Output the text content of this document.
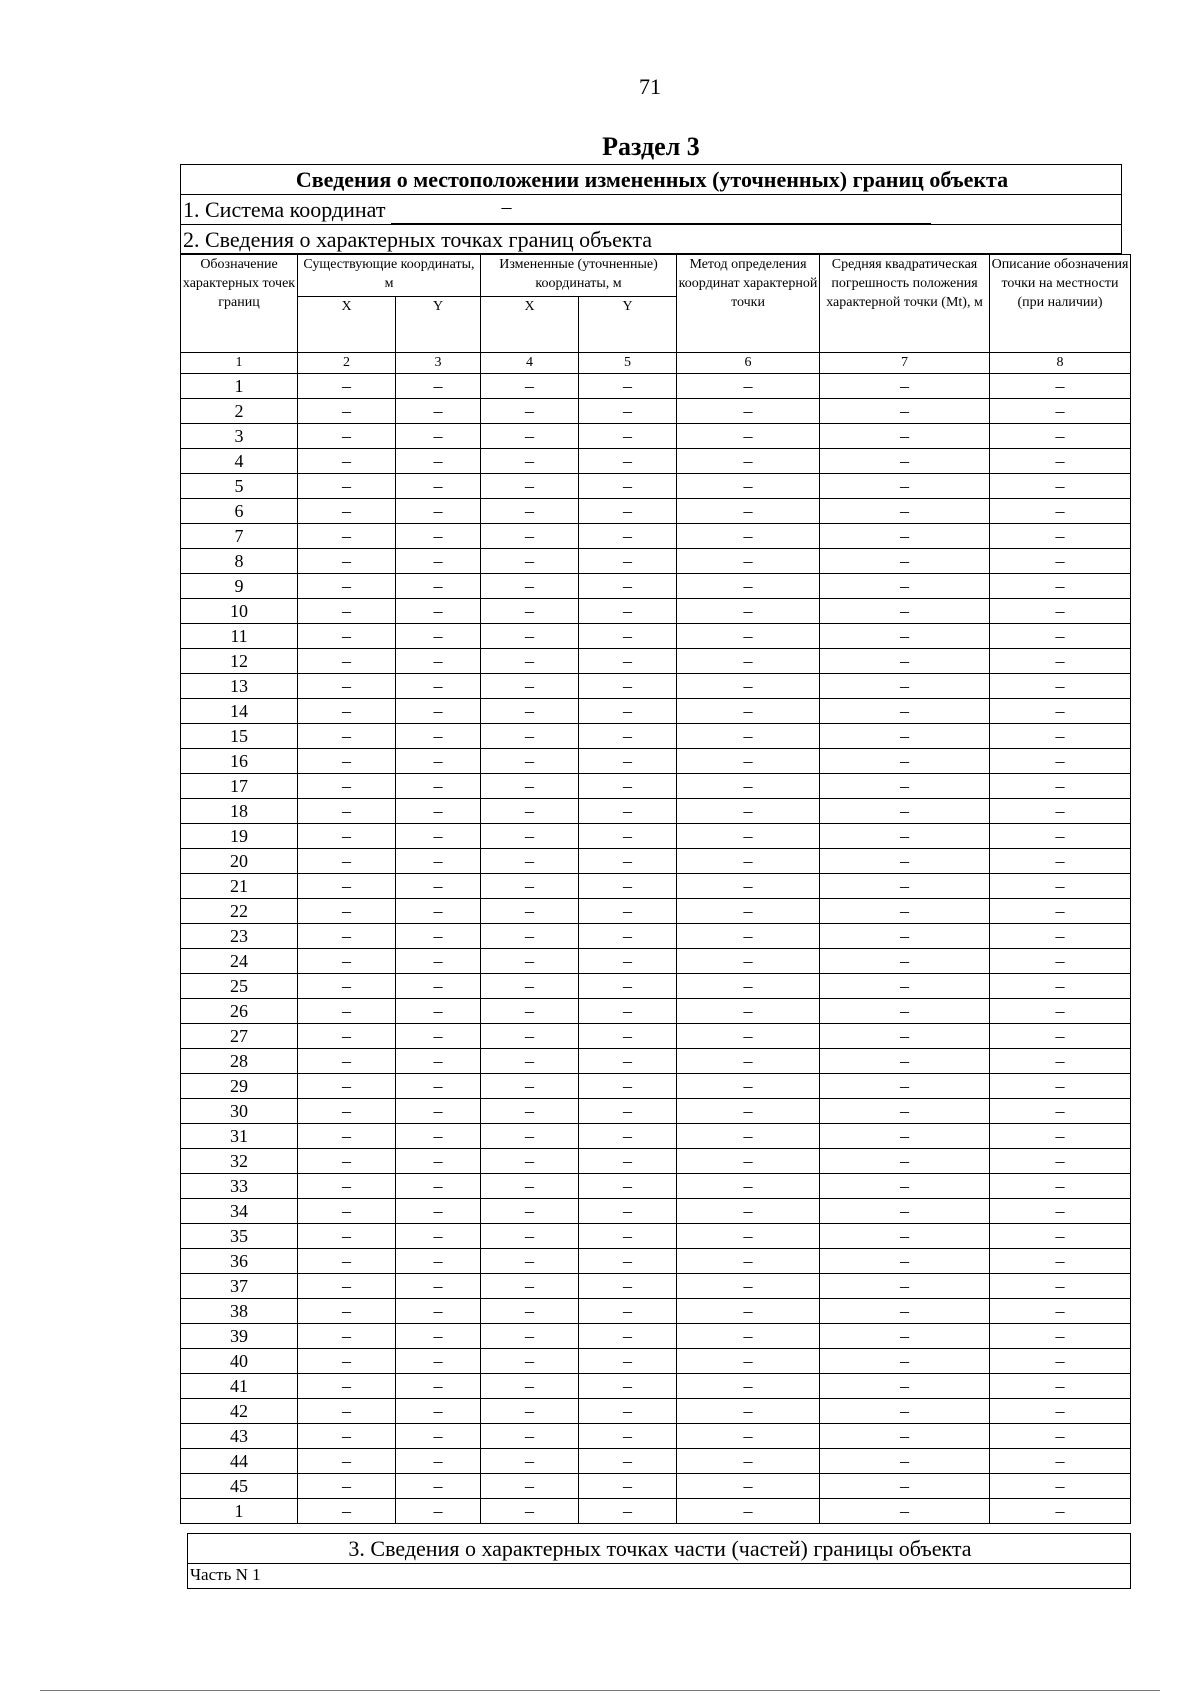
71
Раздел 3
Сведения о местоположении измененных (уточненных) границ объекта
1. Система координат	–
2. Сведения о характерных точках границ объекта
Обозначение характерных точек границ	Существующие координаты, м		Измененные (уточненные) координаты, м		Метод определения координат характерной точки	Средняя квадратическая погрешность положения характерной точки (Mt), м	Описание обозначения точки на местности (при наличии)
	X	Y	X	Y			
1	2	3	4	5	6	7	8
1	–	–	–	–	–	–	–
2	–	–	–	–	–	–	–
3	–	–	–	–	–	–	–
4	–	–	–	–	–	–	–
5	–	–	–	–	–	–	–
6	–	–	–	–	–	–	–
7	–	–	–	–	–	–	–
8	–	–	–	–	–	–	–
9	–	–	–	–	–	–	–
10	–	–	–	–	–	–	–
11	–	–	–	–	–	–	–
12	–	–	–	–	–	–	–
13	–	–	–	–	–	–	–
14	–	–	–	–	–	–	–
15	–	–	–	–	–	–	–
16	–	–	–	–	–	–	–
17	–	–	–	–	–	–	–
18	–	–	–	–	–	–	–
19	–	–	–	–	–	–	–
20	–	–	–	–	–	–	–
21	–	–	–	–	–	–	–
22	–	–	–	–	–	–	–
23	–	–	–	–	–	–	–
24	–	–	–	–	–	–	–
25	–	–	–	–	–	–	–
26	–	–	–	–	–	–	–
27	–	–	–	–	–	–	–
28	–	–	–	–	–	–	–
29	–	–	–	–	–	–	–
30	–	–	–	–	–	–	–
31	–	–	–	–	–	–	–
32	–	–	–	–	–	–	–
33	–	–	–	–	–	–	–
34	–	–	–	–	–	–	–
35	–	–	–	–	–	–	–
36	–	–	–	–	–	–	–
37	–	–	–	–	–	–	–
38	–	–	–	–	–	–	–
39	–	–	–	–	–	–	–
40	–	–	–	–	–	–	–
41	–	–	–	–	–	–	–
42	–	–	–	–	–	–	–
43	–	–	–	–	–	–	–
44	–	–	–	–	–	–	–
45	–	–	–	–	–	–	–
1	–	–	–	–	–	–	–
3. Сведения о характерных точках части (частей) границы объекта
Часть N 1
